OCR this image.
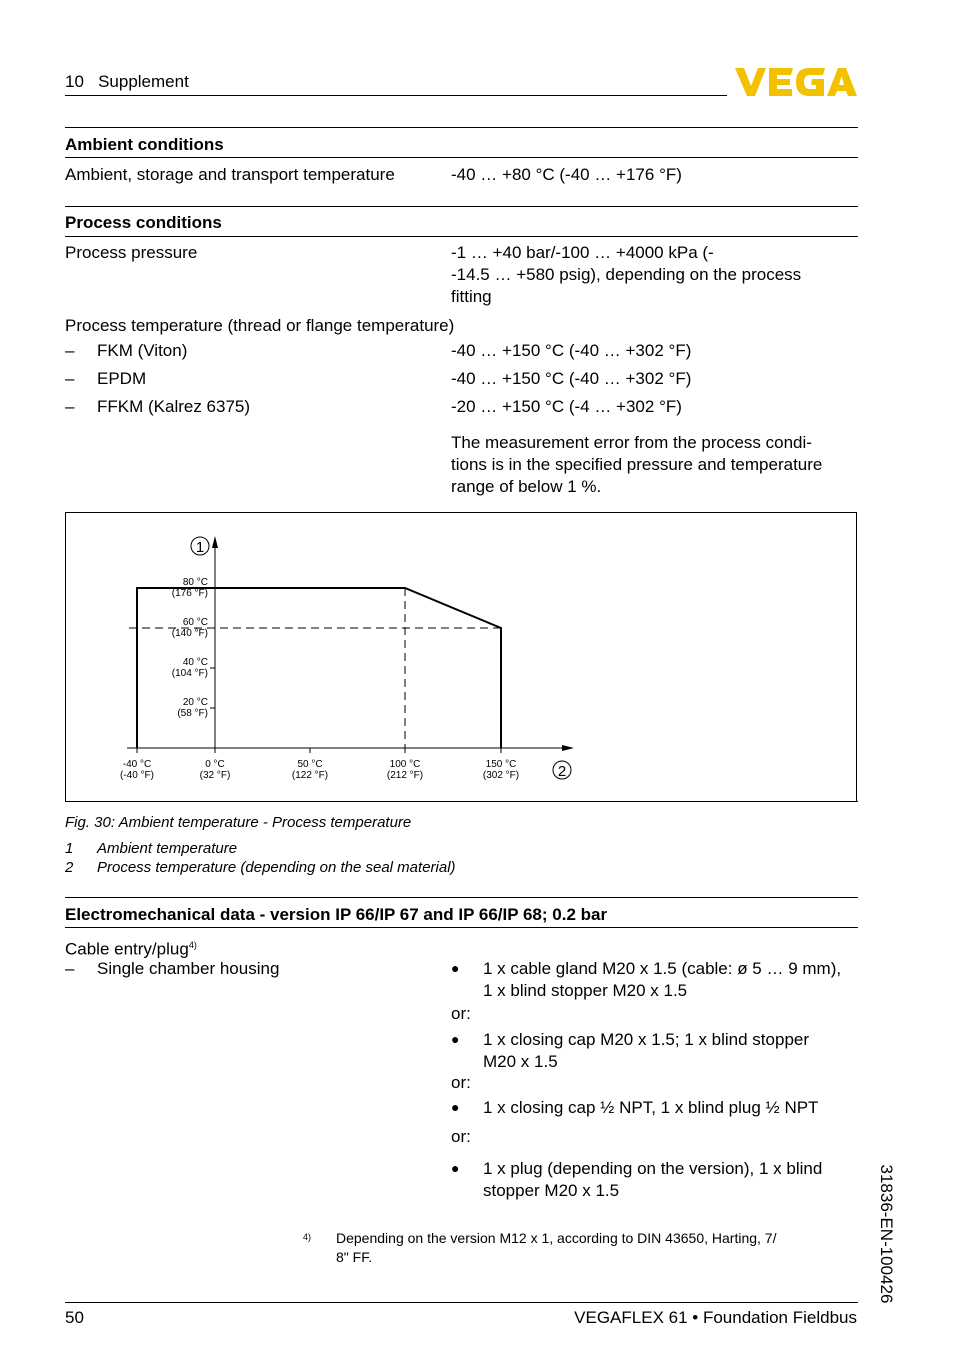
10   Supplement
Ambient conditions
Ambient, storage and transport temperature	-40 … +80 °C (-40 … +176 °F)
Process conditions
Process pressure	-1 … +40 bar/-100 … +4000 kPa (-
-14.5 … +580 psig), depending on the process
fitting
Process temperature (thread or flange temperature)
– FKM (Viton)	-40 … +150 °C (-40 … +302 °F)
– EPDM	-40 … +150 °C (-40 … +302 °F)
– FFKM (Kalrez 6375)	-20 … +150 °C (-4 … +302 °F)
The measurement error from the process condi-
tions is in the specified pressure and temperature
range of below 1 %.
80 °C
(176 °F)
60 °C
(140 °F)
40 °C
(104 °F)
20 °C
(58 °F)
-40 °C
(-40 °F)
0 °C
(32 °F)
50 °C
(122 °F)
100 °C
(212 °F)
150 °C
(302 °F)
1
2
Fig. 30: Ambient temperature - Process temperature
1 Ambient temperature
2 Process temperature (depending on the seal material)
Electromechanical data - version IP 66/IP 67 and IP 66/IP 68; 0.2 bar
Cable entry/plug$^{4)}$
– Single chamber housing	● 1 x cable gland M20 x 1.5 (cable: ø 5 … 9 mm),
1 x blind stopper M20 x 1.5
or:
● 1 x closing cap M20 x 1.5; 1 x blind stopper
M20 x 1.5
or:
● 1 x closing cap ½ NPT, 1 x blind plug ½ NPT
or:
● 1 x plug (depending on the version), 1 x blind
stopper M20 x 1.5
4) Depending on the version M12 x 1, according to DIN 43650, Harting, 7/
8" FF.	31836-EN-100426
50	VEGAFLEX 61 • Foundation Fieldbus
